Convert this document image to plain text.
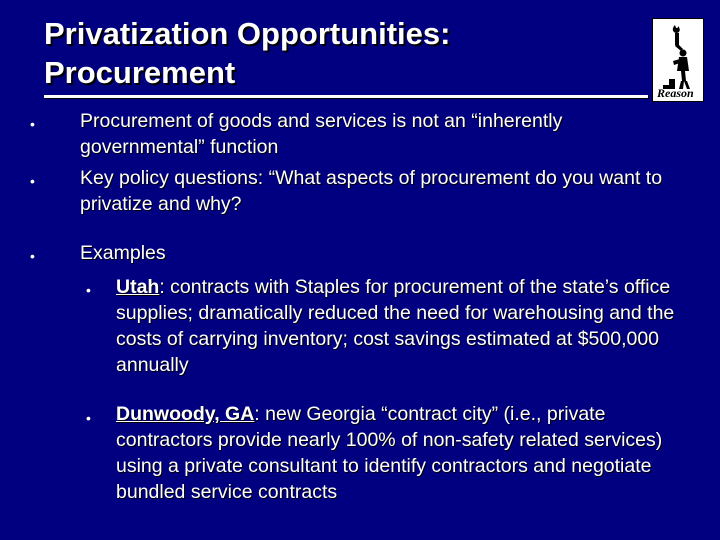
Privatization Opportunities:
Procurement
Reason
•	Procurement of goods and services is not an “inherently governmental” function
•	Key policy questions: “What aspects of procurement do you want to privatize and why?
•	Examples
• Utah: contracts with Staples for procurement of the state’s office supplies; dramatically reduced the need for warehousing and the costs of carrying inventory; cost savings estimated at $500,000 annually
• Dunwoody, GA: new Georgia “contract city” (i.e., private contractors provide nearly 100% of non-safety related services) using a private consultant to identify contractors and negotiate bundled service contracts
